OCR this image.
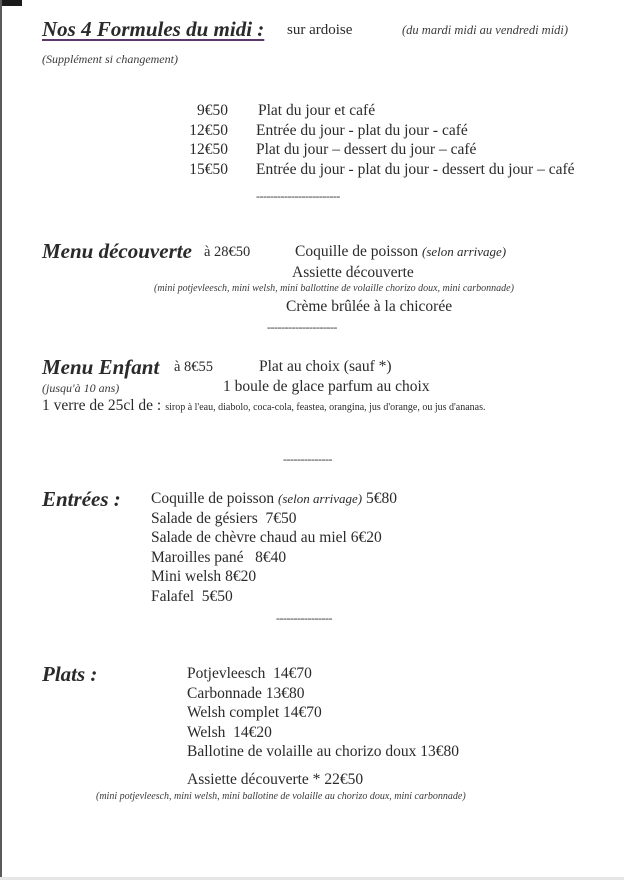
Nos 4 Formules du midi : sur ardoise	(du mardi midi au vendredi midi)
(Supplément si changement)
9€50 Plat du jour et café
12€50 Entrée du jour - plat du jour - café
12€50 Plat du jour – dessert du jour – café
15€50 Entrée du jour - plat du jour - dessert du jour – café
------------------------
Menu découverte à 28€50	Coquille de poisson (selon arrivage)
Assiette découverte
(mini potjevleesch, mini welsh, mini ballottine de volaille chorizo doux, mini carbonnade)
Crème brûlée à la chicorée
--------------------
Menu Enfant à 8€55	Plat au choix (sauf *)
(jusqu'à 10 ans)	1 boule de glace parfum au choix
1 verre de 25cl de : sirop à l'eau, diabolo, coca-cola, feastea, orangina, jus d'orange, ou jus d'ananas.
--------------
Entrées : Coquille de poisson (selon arrivage) 5€80
Salade de gésiers 7€50
Salade de chèvre chaud au miel 6€20
Maroilles pané 8€40
Mini welsh 8€20
Falafel 5€50
----------------
Plats :	Potjevleesch 14€70
Carbonnade 13€80
Welsh complet 14€70
Welsh 14€20
Ballotine de volaille au chorizo doux 13€80
Assiette découverte * 22€50
(mini potjevleesch, mini welsh, mini ballotine de volaille au chorizo doux, mini carbonnade)
